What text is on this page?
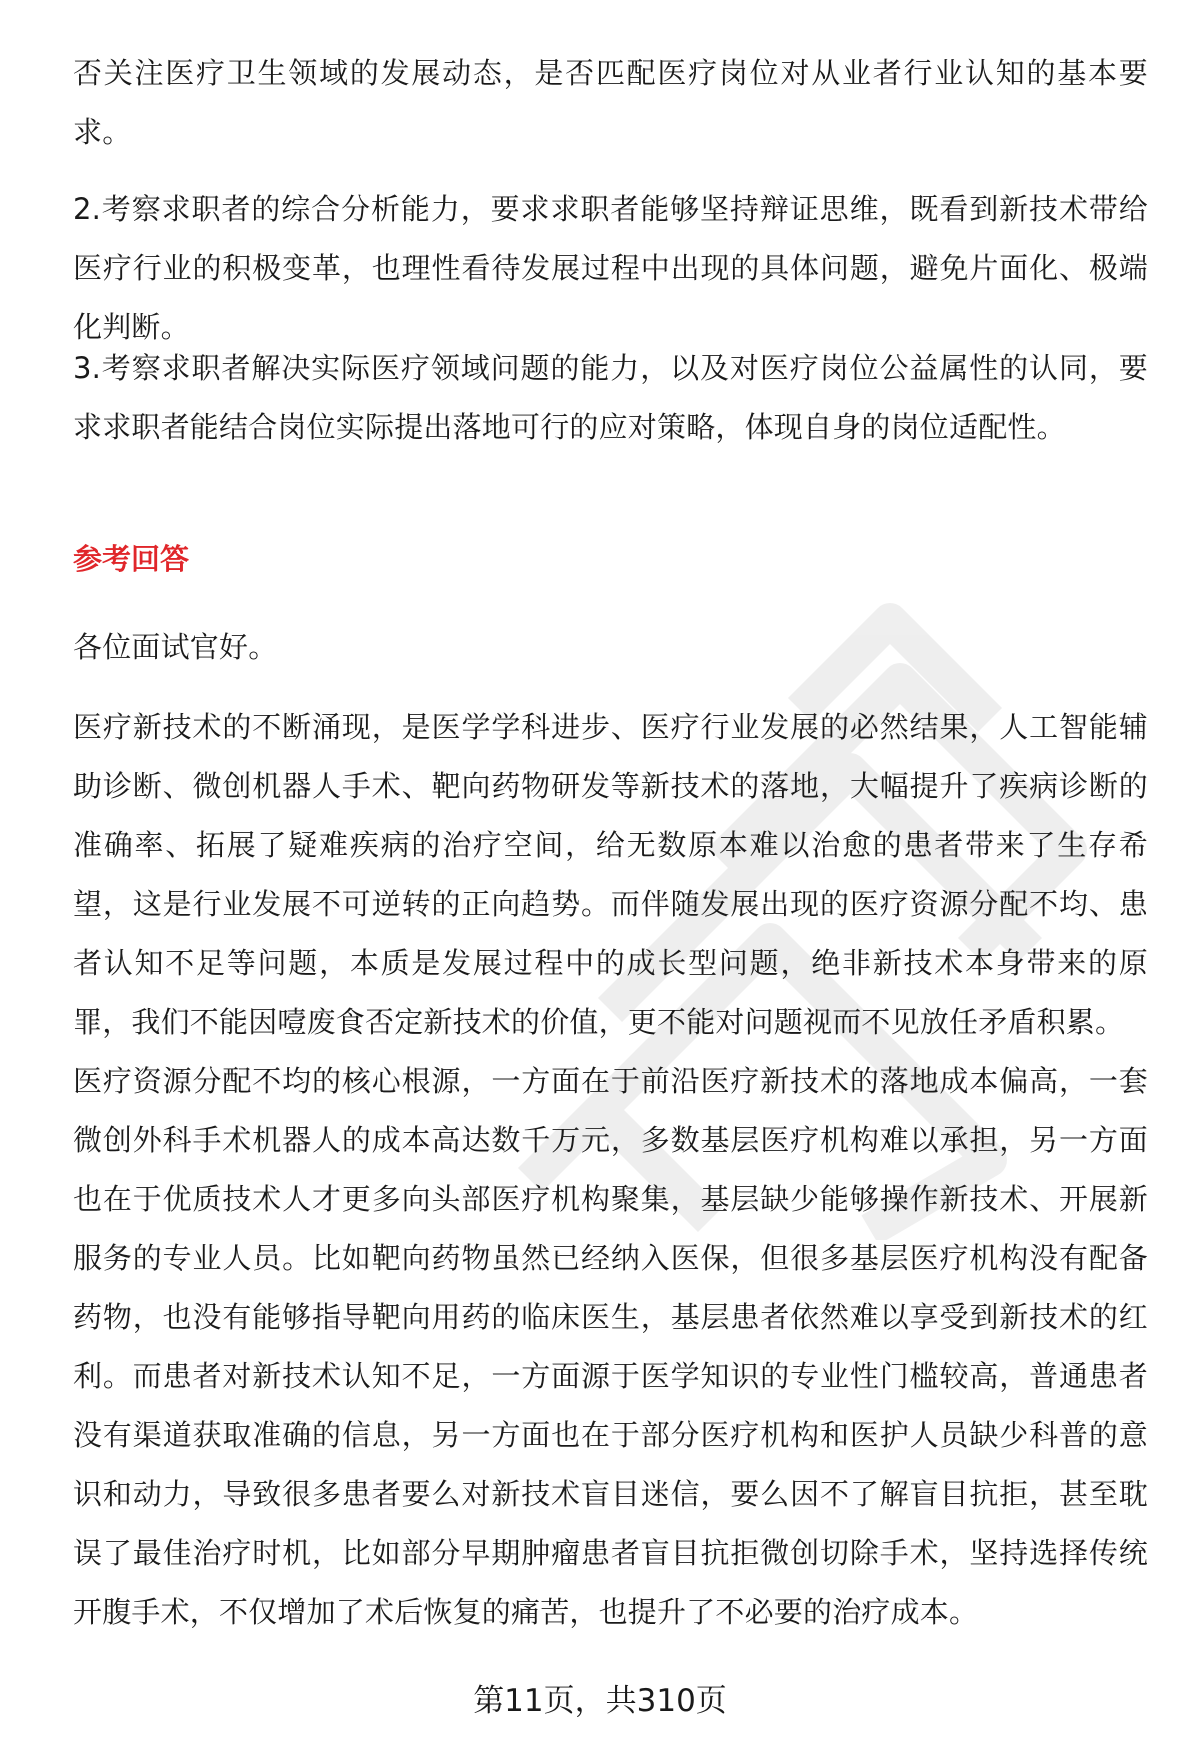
否关注医疗卫生领域的发展动态，是否匹配医疗岗位对从业者行业认知的基本要求。

2.考察求职者的综合分析能力，要求求职者能够坚持辩证思维，既看到新技术带给医疗行业的积极变革，也理性看待发展过程中出现的具体问题，避免片面化、极端化判断。

3.考察求职者解决实际医疗领域问题的能力，以及对医疗岗位公益属性的认同，要求求职者能结合岗位实际提出落地可行的应对策略，体现自身的岗位适配性。

参考回答

各位面试官好。

医疗新技术的不断涌现，是医学学科进步、医疗行业发展的必然结果，人工智能辅助诊断、微创机器人手术、靶向药物研发等新技术的落地，大幅提升了疾病诊断的准确率、拓展了疑难疾病的治疗空间，给无数原本难以治愈的患者带来了生存希望，这是行业发展不可逆转的正向趋势。而伴随发展出现的医疗资源分配不均、患者认知不足等问题，本质是发展过程中的成长型问题，绝非新技术本身带来的原罪，我们不能因噎废食否定新技术的价值，更不能对问题视而不见放任矛盾积累。

医疗资源分配不均的核心根源，一方面在于前沿医疗新技术的落地成本偏高，一套微创外科手术机器人的成本高达数千万元，多数基层医疗机构难以承担，另一方面也在于优质技术人才更多向头部医疗机构聚集，基层缺少能够操作新技术、开展新服务的专业人员。比如靶向药物虽然已经纳入医保，但很多基层医疗机构没有配备药物，也没有能够指导靶向用药的临床医生，基层患者依然难以享受到新技术的红利。而患者对新技术认知不足，一方面源于医学知识的专业性门槛较高，普通患者没有渠道获取准确的信息，另一方面也在于部分医疗机构和医护人员缺少科普的意识和动力，导致很多患者要么对新技术盲目迷信，要么因不了解盲目抗拒，甚至耽误了最佳治疗时机，比如部分早期肿瘤患者盲目抗拒微创切除手术，坚持选择传统开腹手术，不仅增加了术后恢复的痛苦，也提升了不必要的治疗成本。

第11页，共310页
